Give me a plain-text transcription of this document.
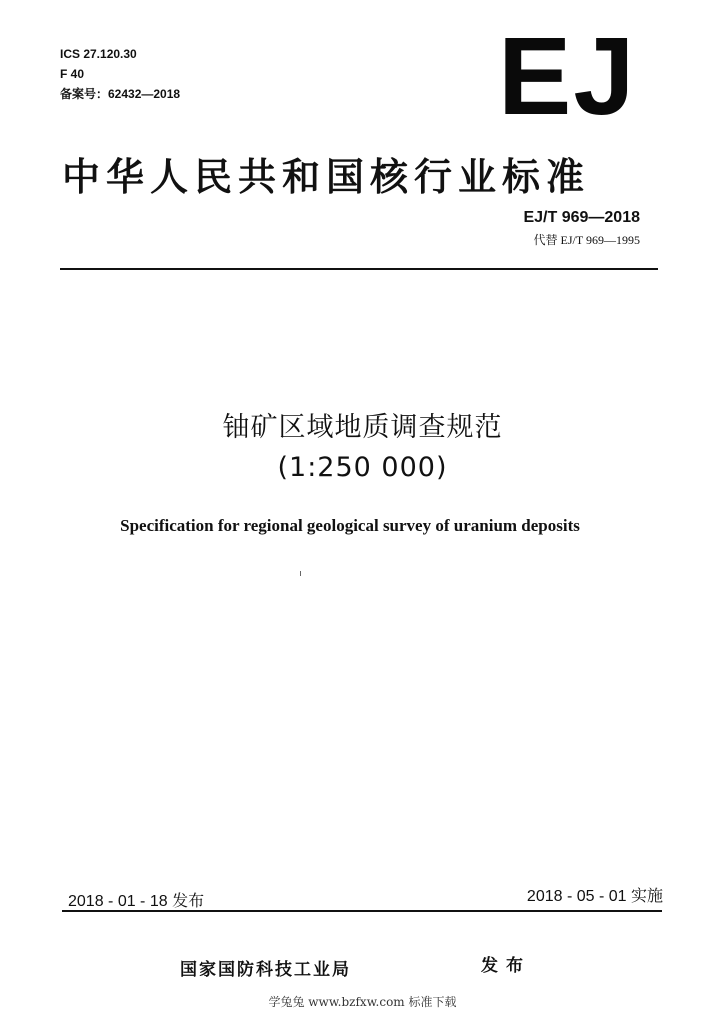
ICS 27.120.30
F 40
备案号：62432—2018	EJ
中华人民共和国核行业标准
EJ/T 969—2018
代替 EJ/T 969—1995
铀矿区域地质调查规范
(1:250 000)
Specification for regional geological survey of uranium deposits
2018 - 01 - 18 发布	2018 - 05 - 01 实施
国家国防科技工业局	发布
学兔兔 www.bzfxw.com 标准下载
